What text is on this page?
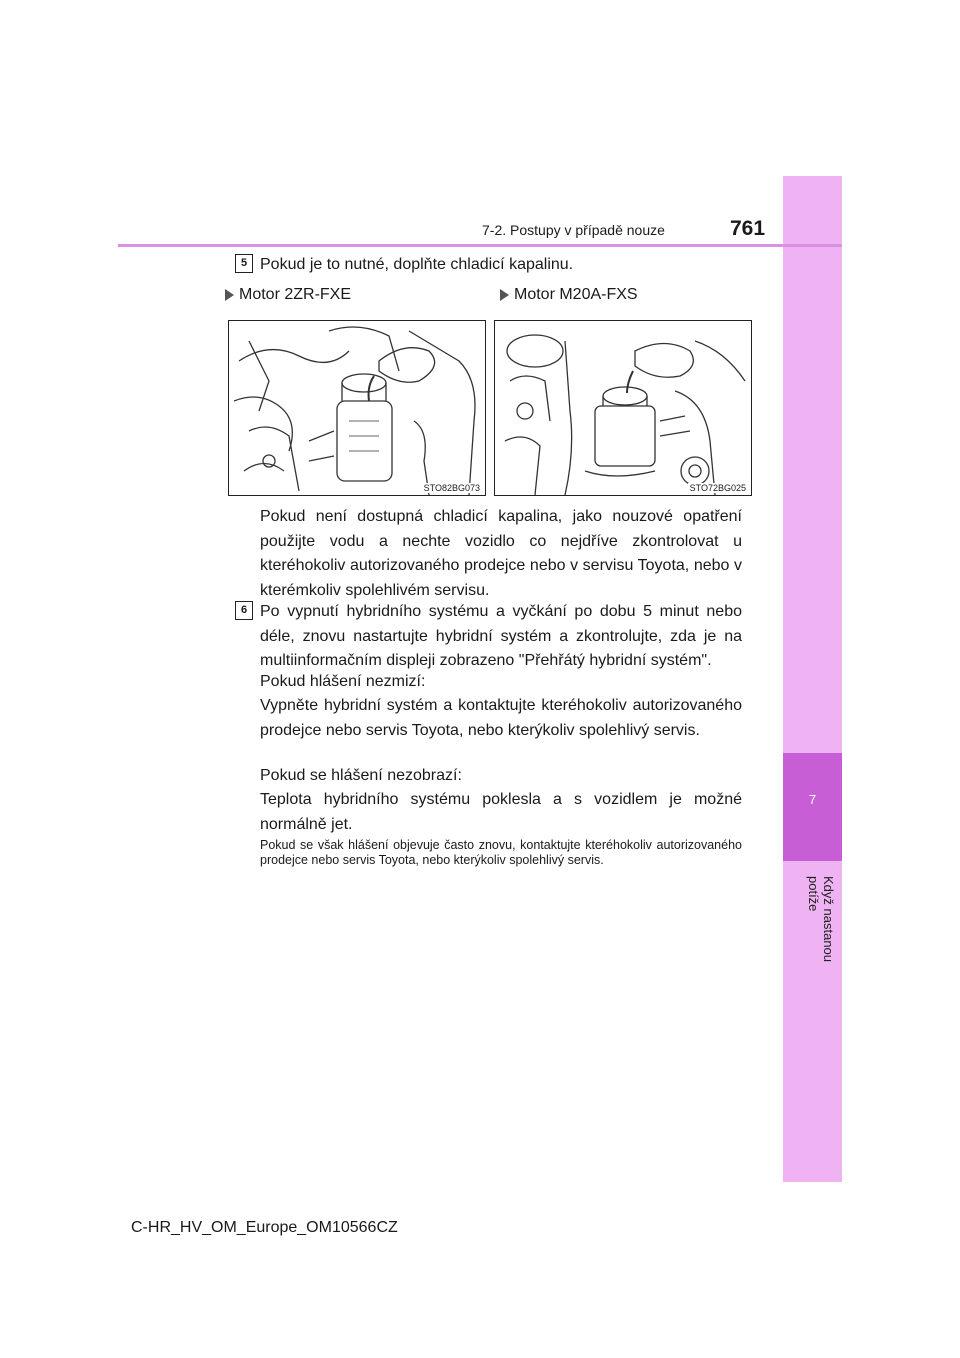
7
Když nastanou potíže
7-2. Postupy v případě nouze	761
5 Pokud je to nutné, doplňte chladicí kapalinu.
Motor 2ZR-FXE	Motor M20A-FXS
STO82BG073	STO72BG025
Pokud není dostupná chladicí kapalina, jako nouzové opatření použijte vodu a nechte vozidlo co nejdříve zkontrolovat u kteréhokoliv autorizovaného prodejce nebo v servisu Toyota, nebo v kterémkoliv spolehlivém servisu.
6 Po vypnutí hybridního systému a vyčkání po dobu 5 minut nebo déle, znovu nastartujte hybridní systém a zkontrolujte, zda je na multiinformačním displeji zobrazeno "Přehřátý hybridní systém".
Pokud hlášení nezmizí:
Vypněte hybridní systém a kontaktujte kteréhokoliv autorizovaného prodejce nebo servis Toyota, nebo kterýkoliv spolehlivý servis.
Pokud se hlášení nezobrazí:
Teplota hybridního systému poklesla a s vozidlem je možné normálně jet.
Pokud se však hlášení objevuje často znovu, kontaktujte kteréhokoliv autorizovaného prodejce nebo servis Toyota, nebo kterýkoliv spolehlivý servis.
C-HR_HV_OM_Europe_OM10566CZ
